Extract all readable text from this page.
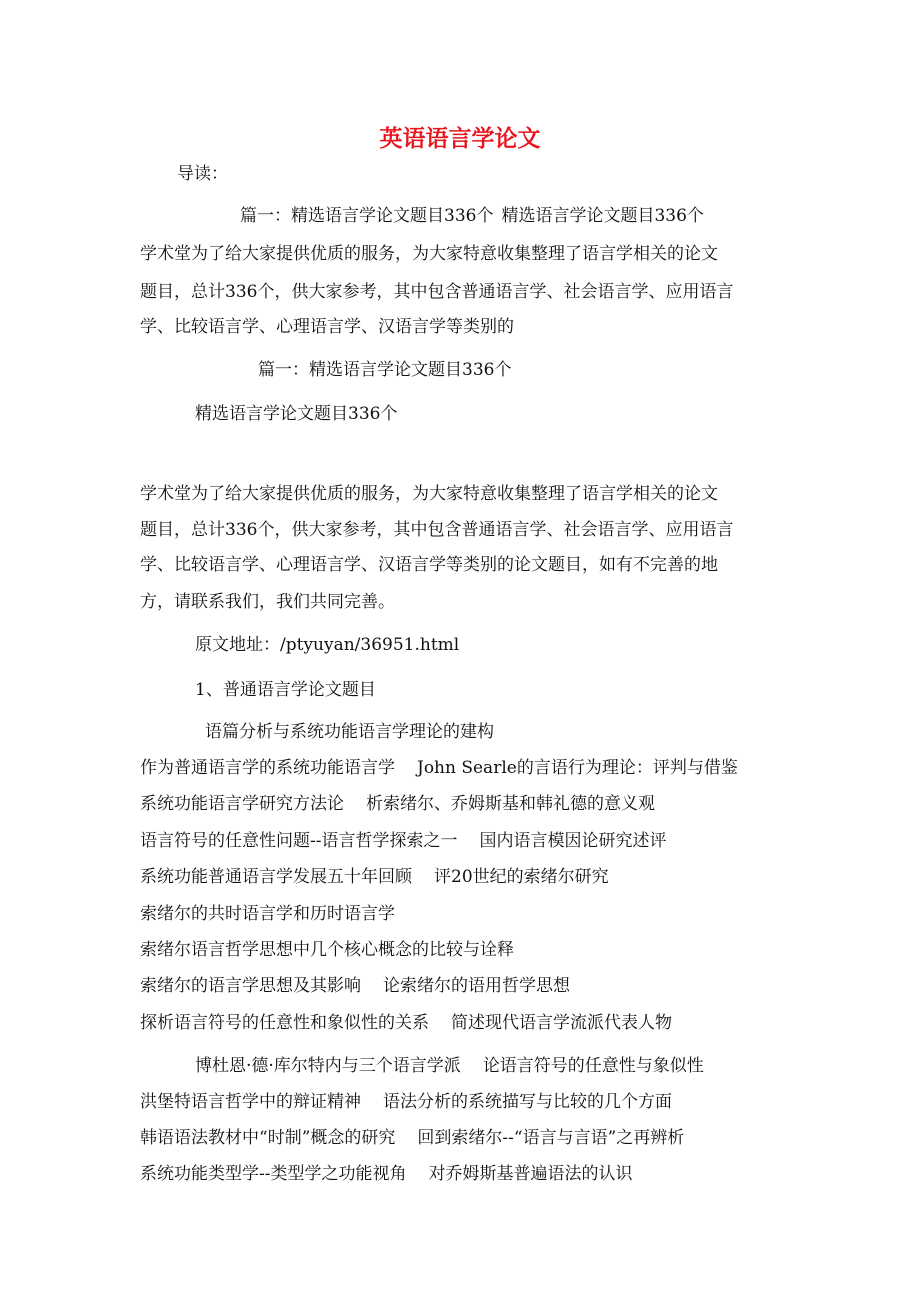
英语语言学论文
导读：
篇一：精选语言学论文题目336个 精选语言学论文题目336个
学术堂为了给大家提供优质的服务，为大家特意收集整理了语言学相关的论文
题目，总计336个，供大家参考，其中包含普通语言学、社会语言学、应用语言
学、比较语言学、心理语言学、汉语言学等类别的
篇一：精选语言学论文题目336个
精选语言学论文题目336个
学术堂为了给大家提供优质的服务，为大家特意收集整理了语言学相关的论文
题目，总计336个，供大家参考，其中包含普通语言学、社会语言学、应用语言
学、比较语言学、心理语言学、汉语言学等类别的论文题目，如有不完善的地
方，请联系我们，我们共同完善。
原文地址：/ptyuyan/36951.html
1、普通语言学论文题目
语篇分析与系统功能语言学理论的建构
作为普通语言学的系统功能语言学 John Searle的言语行为理论：评判与借鉴
系统功能语言学研究方法论 析索绪尔、乔姆斯基和韩礼德的意义观
语言符号的任意性问题--语言哲学探索之一 国内语言模因论研究述评
系统功能普通语言学发展五十年回顾 评20世纪的索绪尔研究
索绪尔的共时语言学和历时语言学
索绪尔语言哲学思想中几个核心概念的比较与诠释
索绪尔的语言学思想及其影响 论索绪尔的语用哲学思想
探析语言符号的任意性和象似性的关系 简述现代语言学流派代表人物
博杜恩·德·库尔特内与三个语言学派 论语言符号的任意性与象似性
洪堡特语言哲学中的辩证精神 语法分析的系统描写与比较的几个方面
韩语语法教材中“时制”概念的研究 回到索绪尔--“语言与言语”之再辨析
系统功能类型学--类型学之功能视角 对乔姆斯基普遍语法的认识
